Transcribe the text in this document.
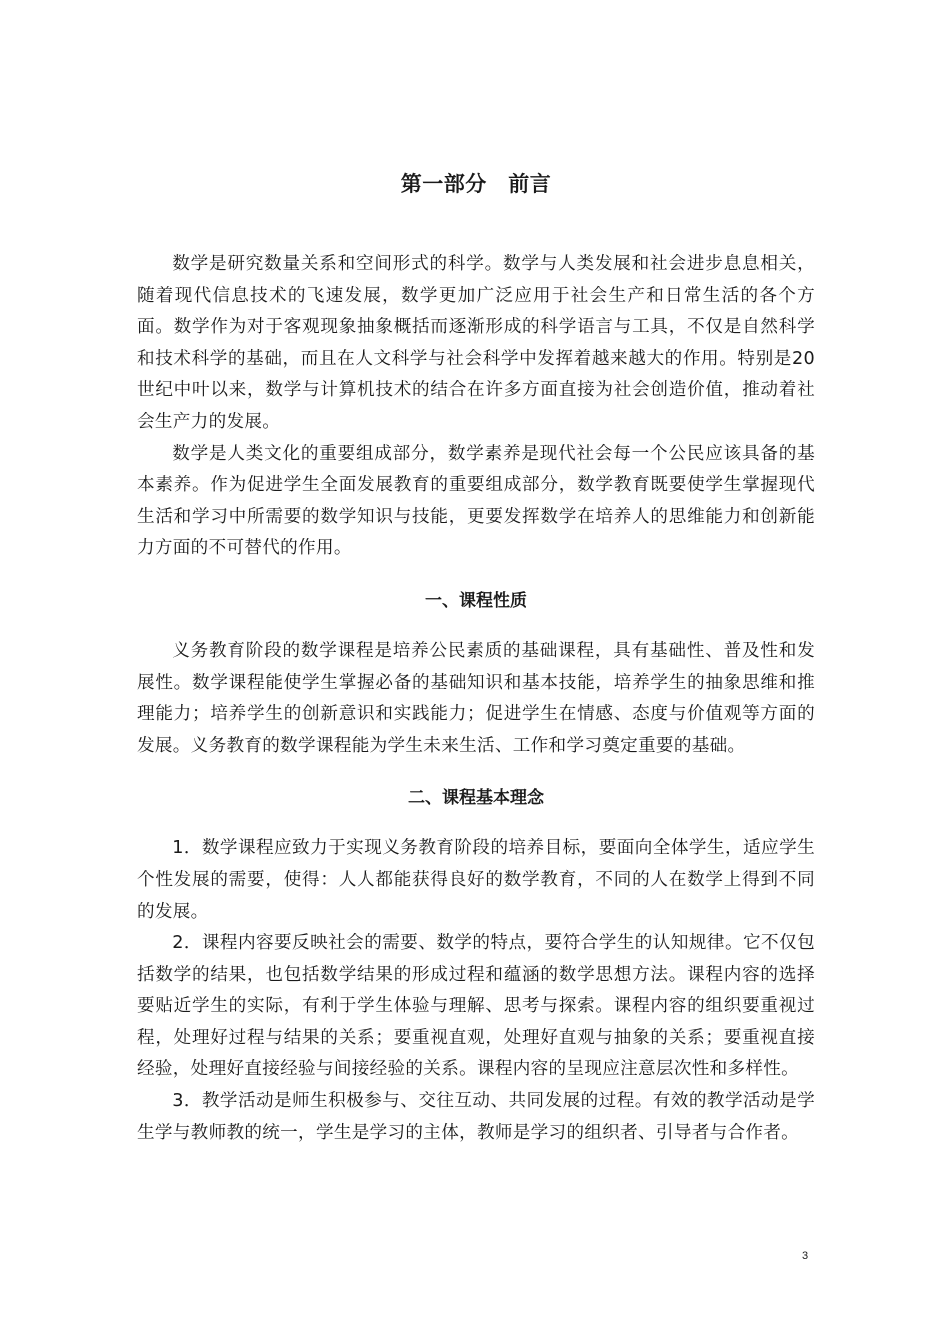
第一部分　前言

数学是研究数量关系和空间形式的科学。数学与人类发展和社会进步息息相关，随着现代信息技术的飞速发展，数学更加广泛应用于社会生产和日常生活的各个方面。数学作为对于客观现象抽象概括而逐渐形成的科学语言与工具，不仅是自然科学和技术科学的基础，而且在人文科学与社会科学中发挥着越来越大的作用。特别是20世纪中叶以来，数学与计算机技术的结合在许多方面直接为社会创造价值，推动着社会生产力的发展。

数学是人类文化的重要组成部分，数学素养是现代社会每一个公民应该具备的基本素养。作为促进学生全面发展教育的重要组成部分，数学教育既要使学生掌握现代生活和学习中所需要的数学知识与技能，更要发挥数学在培养人的思维能力和创新能力方面的不可替代的作用。

一、课程性质

义务教育阶段的数学课程是培养公民素质的基础课程，具有基础性、普及性和发展性。数学课程能使学生掌握必备的基础知识和基本技能，培养学生的抽象思维和推理能力；培养学生的创新意识和实践能力；促进学生在情感、态度与价值观等方面的发展。义务教育的数学课程能为学生未来生活、工作和学习奠定重要的基础。

二、课程基本理念

1．数学课程应致力于实现义务教育阶段的培养目标，要面向全体学生，适应学生个性发展的需要，使得：人人都能获得良好的数学教育，不同的人在数学上得到不同的发展。

2．课程内容要反映社会的需要、数学的特点，要符合学生的认知规律。它不仅包括数学的结果，也包括数学结果的形成过程和蕴涵的数学思想方法。课程内容的选择要贴近学生的实际，有利于学生体验与理解、思考与探索。课程内容的组织要重视过程，处理好过程与结果的关系；要重视直观，处理好直观与抽象的关系；要重视直接经验，处理好直接经验与间接经验的关系。课程内容的呈现应注意层次性和多样性。

3．教学活动是师生积极参与、交往互动、共同发展的过程。有效的教学活动是学生学与教师教的统一，学生是学习的主体，教师是学习的组织者、引导者与合作者。

3
